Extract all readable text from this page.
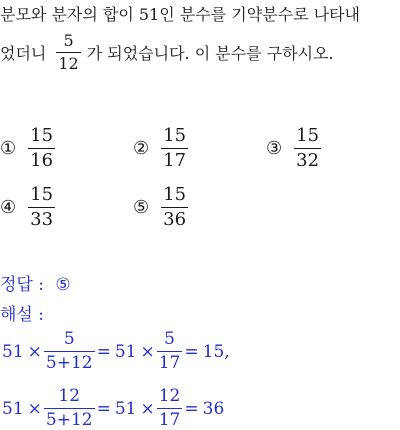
분모와 분자의 합이 51인 분수를 기약분수로 나타내
었더니 $\frac{5}{12}$ 가 되었습니다. 이 분수를 구하시오.
① $\frac{15}{16}$	② $\frac{15}{17}$	③ $\frac{15}{32}$
④ $\frac{15}{33}$	⑤ $\frac{15}{36}$
정답 : ⑤
해설 :
$51 \times \frac{5}{5+12} = 51 \times \frac{5}{17} = 15$,
$51 \times \frac{12}{5+12} = 51 \times \frac{12}{17} = 36$
